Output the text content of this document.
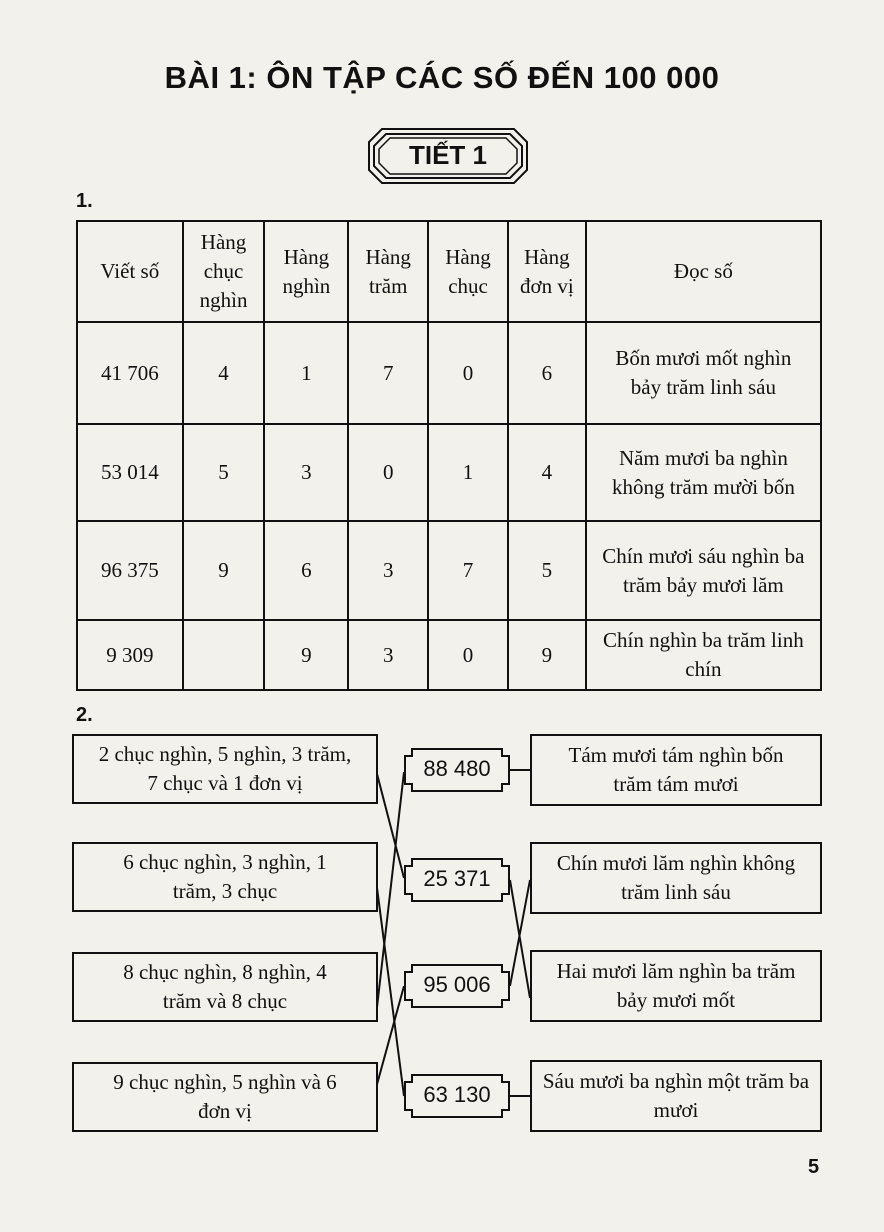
BÀI 1: ÔN TẬP CÁC SỐ ĐẾN 100 000
TIẾT 1
1.
Viết số	Hàng chục nghìn	Hàng nghìn	Hàng trăm	Hàng chục	Hàng đơn vị	Đọc số
41 706	4	1	7	0	6	Bốn mươi mốt nghìn bảy trăm linh sáu
53 014	5	3	0	1	4	Năm mươi ba nghìn không trăm mười bốn
96 375	9	6	3	7	5	Chín mươi sáu nghìn ba trăm bảy mươi lăm
9 309		9	3	0	9	Chín nghìn ba trăm linh chín
2.
2 chục nghìn, 5 nghìn, 3 trăm, 7 chục và 1 đơn vị
6 chục nghìn, 3 nghìn, 1 trăm, 3 chục
8 chục nghìn, 8 nghìn, 4 trăm và 8 chục
9 chục nghìn, 5 nghìn và 6 đơn vị
88 480
25 371
95 006
63 130
Tám mươi tám nghìn bốn trăm tám mươi
Chín mươi lăm nghìn không trăm linh sáu
Hai mươi lăm nghìn ba trăm bảy mươi mốt
Sáu mươi ba nghìn một trăm ba mươi
5
